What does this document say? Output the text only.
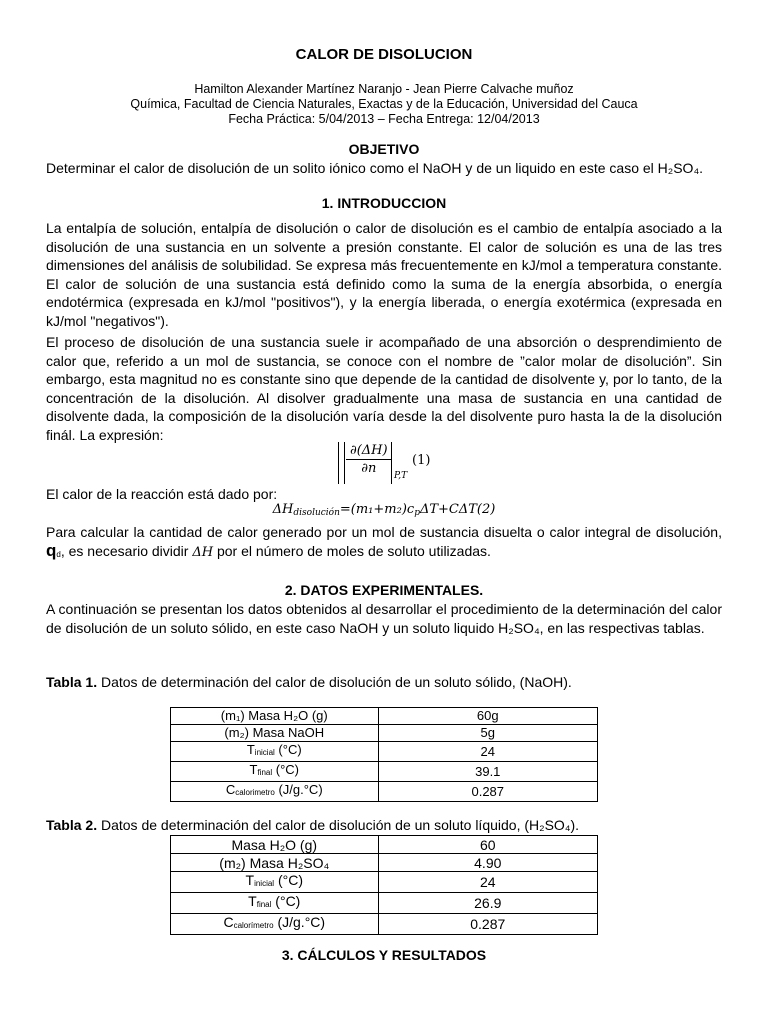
CALOR DE DISOLUCION
Hamilton Alexander Martínez Naranjo - Jean Pierre Calvache muñoz
Química, Facultad de Ciencia Naturales, Exactas y de la Educación, Universidad del Cauca
Fecha Práctica: 5/04/2013 – Fecha Entrega: 12/04/2013
OBJETIVO
Determinar el calor de disolución de un solito iónico como el NaOH y de un liquido en este caso el H₂SO₄.
1. INTRODUCCION
La entalpía de solución, entalpía de disolución o calor de disolución es el cambio de entalpía asociado a la disolución de una sustancia en un solvente a presión constante. El calor de solución es una de las tres dimensiones del análisis de solubilidad. Se expresa más frecuentemente en kJ/mol a temperatura constante. El calor de solución de una sustancia está definido como la suma de la energía absorbida, o energía endotérmica (expresada en kJ/mol "positivos"), y la energía liberada, o energía exotérmica (expresada en kJ/mol "negativos").
El proceso de disolución de una sustancia suele ir acompañado de una absorción o desprendimiento de calor que, referido a un mol de sustancia, se conoce con el nombre de ”calor molar de disolución”. Sin embargo, esta magnitud no es constante sino que depende de la cantidad de disolvente y, por lo tanto, de la concentración de la disolución. Al disolver gradualmente una masa de sustancia en una cantidad de disolvente dada, la composición de la disolución varía desde la del disolvente puro hasta la de la disolución finál. La expresión:
$\frac{\partial(\Delta H)}{\partial n} P,T$
(1)
El calor de la reacción está dado por:
$\Delta H_{disolución}=(m_1+m_2)c_p\Delta T+C\Delta T(2)$
Para calcular la cantidad de calor generado por un mol de sustancia disuelta o calor integral de disolución, $q_d$, es necesario dividir ΔH por el número de moles de soluto utilizadas.
2. DATOS EXPERIMENTALES.
A continuación se presentan los datos obtenidos al desarrollar el procedimiento de la determinación del calor de disolución de un soluto sólido, en este caso NaOH y un soluto liquido H₂SO₄, en las respectivas tablas.
Tabla 1. Datos de determinación del calor de disolución de un soluto sólido, (NaOH).
(m₁) Masa H₂O (g)	60g
(m₂) Masa NaOH	5g
$T_{inicial}$ (°C)	24
$T_{final}$ (°C)	39.1
$C_{calorimetro}$ (J/g.°C)	0.287
Tabla 2. Datos de determinación del calor de disolución de un soluto líquido, (H₂SO₄).
Masa H₂O (g)	60
(m₂) Masa H₂SO₄	4.90
$T_{inicial}$ (°C)	24
$T_{final}$ (°C)	26.9
$C_{calorímetro}$ (J/g.°C)	0.287
3. CÁLCULOS Y RESULTADOS
